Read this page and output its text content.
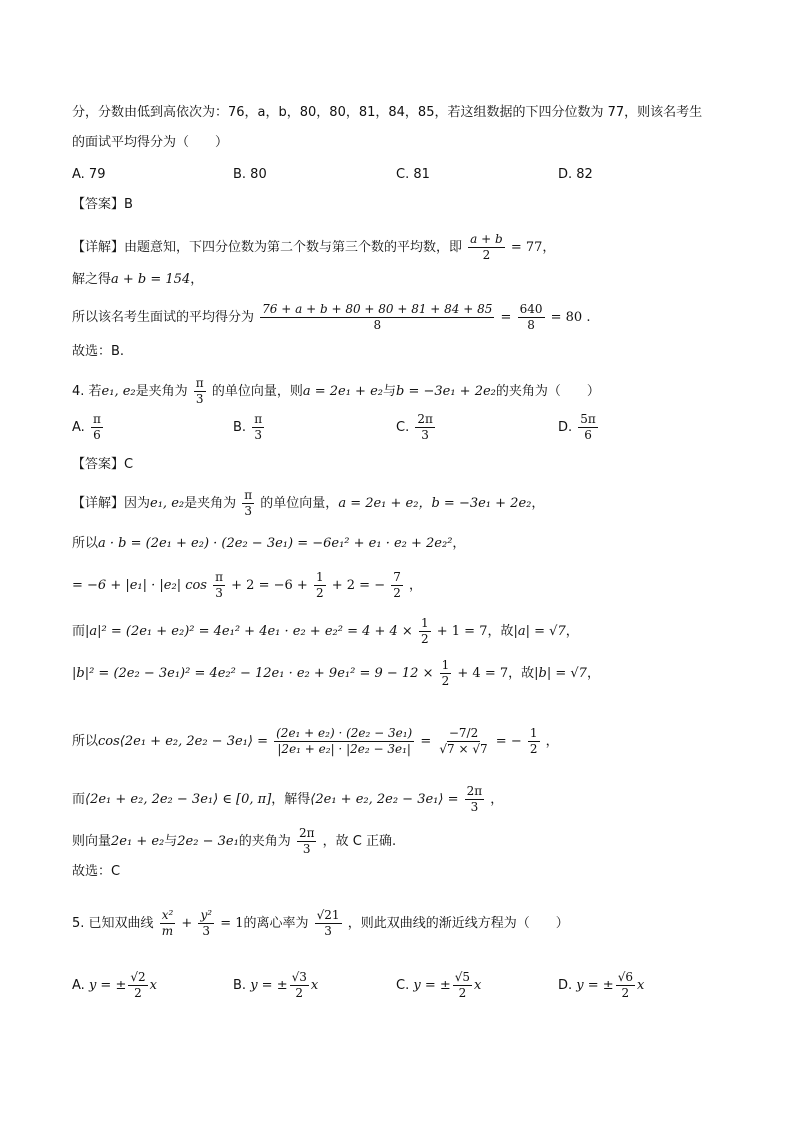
分，分数由低到高依次为：76，a，b，80，80，81，84，85，若这组数据的下四分位数为 77，则该名考生
的面试平均得分为（　　）
A. 79	B. 80	C. 81	D. 82
【答案】B
【详解】由题意知，下四分位数为第二个数与第三个数的平均数，即 $\frac{a + b}{2} = 77$，
解之得a + b = 154，
所以该名考生面试的平均得分为 $\frac{76 + a + b + 80 + 80 + 81 + 84 + 85}{8} = \frac{640}{8} = 80$ .
故选：B.
4. 若e₁, e₂是夹角为 $\frac{\pi}{3}$ 的单位向量，则a = 2e₁ + e₂与b = −3e₁ + 2e₂的夹角为（　　）
A. $\frac{\pi}{6}$	B. $\frac{\pi}{3}$	C. $\frac{2\pi}{3}$	D. $\frac{5\pi}{6}$
【答案】C
【详解】因为e₁, e₂是夹角为 $\frac{\pi}{3}$ 的单位向量，a = 2e₁ + e₂，b = −3e₁ + 2e₂，
所以a · b = (2e₁ + e₂) · (2e₂ − 3e₁) = −6e₁² + e₁ · e₂ + 2e₂²，
= −6 + |e₁| · |e₂| $\cos \frac{\pi}{3} + 2 = -6 + \frac{1}{2} + 2$ = − $\frac{7}{2}$ ，
而$|a|^2 = (2e_1 + e_2)^2 = 4e_1^2 + 4e_1 \cdot e_2 + e_2^2 = 4 + 4 \times \frac{1}{2} + 1 = 7$，故|a| = √7，
$|b|^2 = (2e_2 - 3e_1)^2 = 4e_2^2 - 12e_1 \cdot e_2 + 9e_1^2 = 9 - 12 \times \frac{1}{2} + 4 = 7$，故|b| = √7，
所以cos⟨2e₁ + e₂, 2e₂ − 3e₁⟩ = $\frac{\text{(2e₁ + e₂) · (2e₂ − 3e₁)}}{\text{|2e₁ + e₂| · |2e₂ − 3e₁|}} = \frac{-7/2}{√7 \times √7}$ = − $\frac{1}{2}$ ，
而⟨2e₁ + e₂, 2e₂ − 3e₁⟩ ∈ [0, π]，解得⟨2e₁ + e₂, 2e₂ − 3e₁⟩ = $\frac{2\pi}{3}$ ，
则向量2e₁ + e₂与2e₂ − 3e₁的夹角为 $\frac{2\pi}{3}$ ，故 C 正确.
故选：C
5. 已知双曲线 $\frac{\text{x²}}{m} + \frac{\text{y²}}{3} = 1$的离心率为 $\frac{√21}{3}$ ，则此双曲线的渐近线方程为（　　）
A. y = ± $\frac{√2}{2}$ x	B. y = ± $\frac{√3}{2}$ x	C. y = ± $\frac{√5}{2}$ x	D. y = ± $\frac{√6}{2}$ x
